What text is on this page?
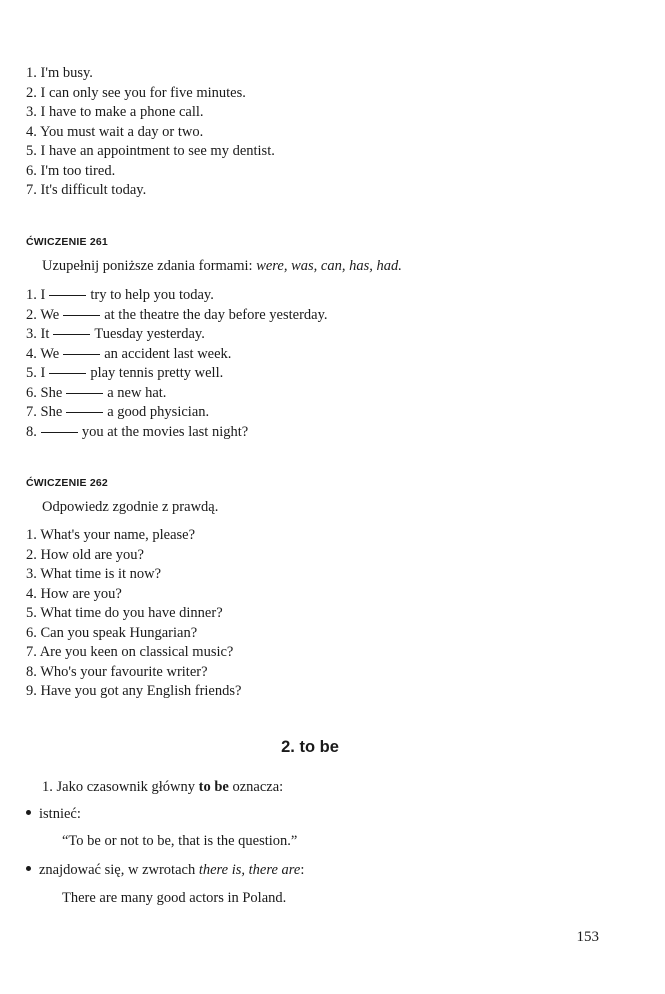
1. I'm busy.
2. I can only see you for five minutes.
3. I have to make a phone call.
4. You must wait a day or two.
5. I have an appointment to see my dentist.
6. I'm too tired.
7. It's difficult today.
ĆWICZENIE 261
Uzupełnij poniższe zdania formami: were, was, can, has, had.
1. I	try to help you today.
2. We	at the theatre the day before yesterday.
3. It	Tuesday yesterday.
4. We	an accident last week.
5. I	play tennis pretty well.
6. She	a new hat.
7. She	a good physician.
8.	you at the movies last night?
ĆWICZENIE 262
Odpowiedz zgodnie z prawdą.
1. What's your name, please?
2. How old are you?
3. What time is it now?
4. How are you?
5. What time do you have dinner?
6. Can you speak Hungarian?
7. Are you keen on classical music?
8. Who's your favourite writer?
9. Have you got any English friends?
2. to be
1. Jako czasownik główny to be oznacza:
istnieć:
“To be or not to be, that is the question.”
znajdować się, w zwrotach there is, there are:
There are many good actors in Poland.
153
